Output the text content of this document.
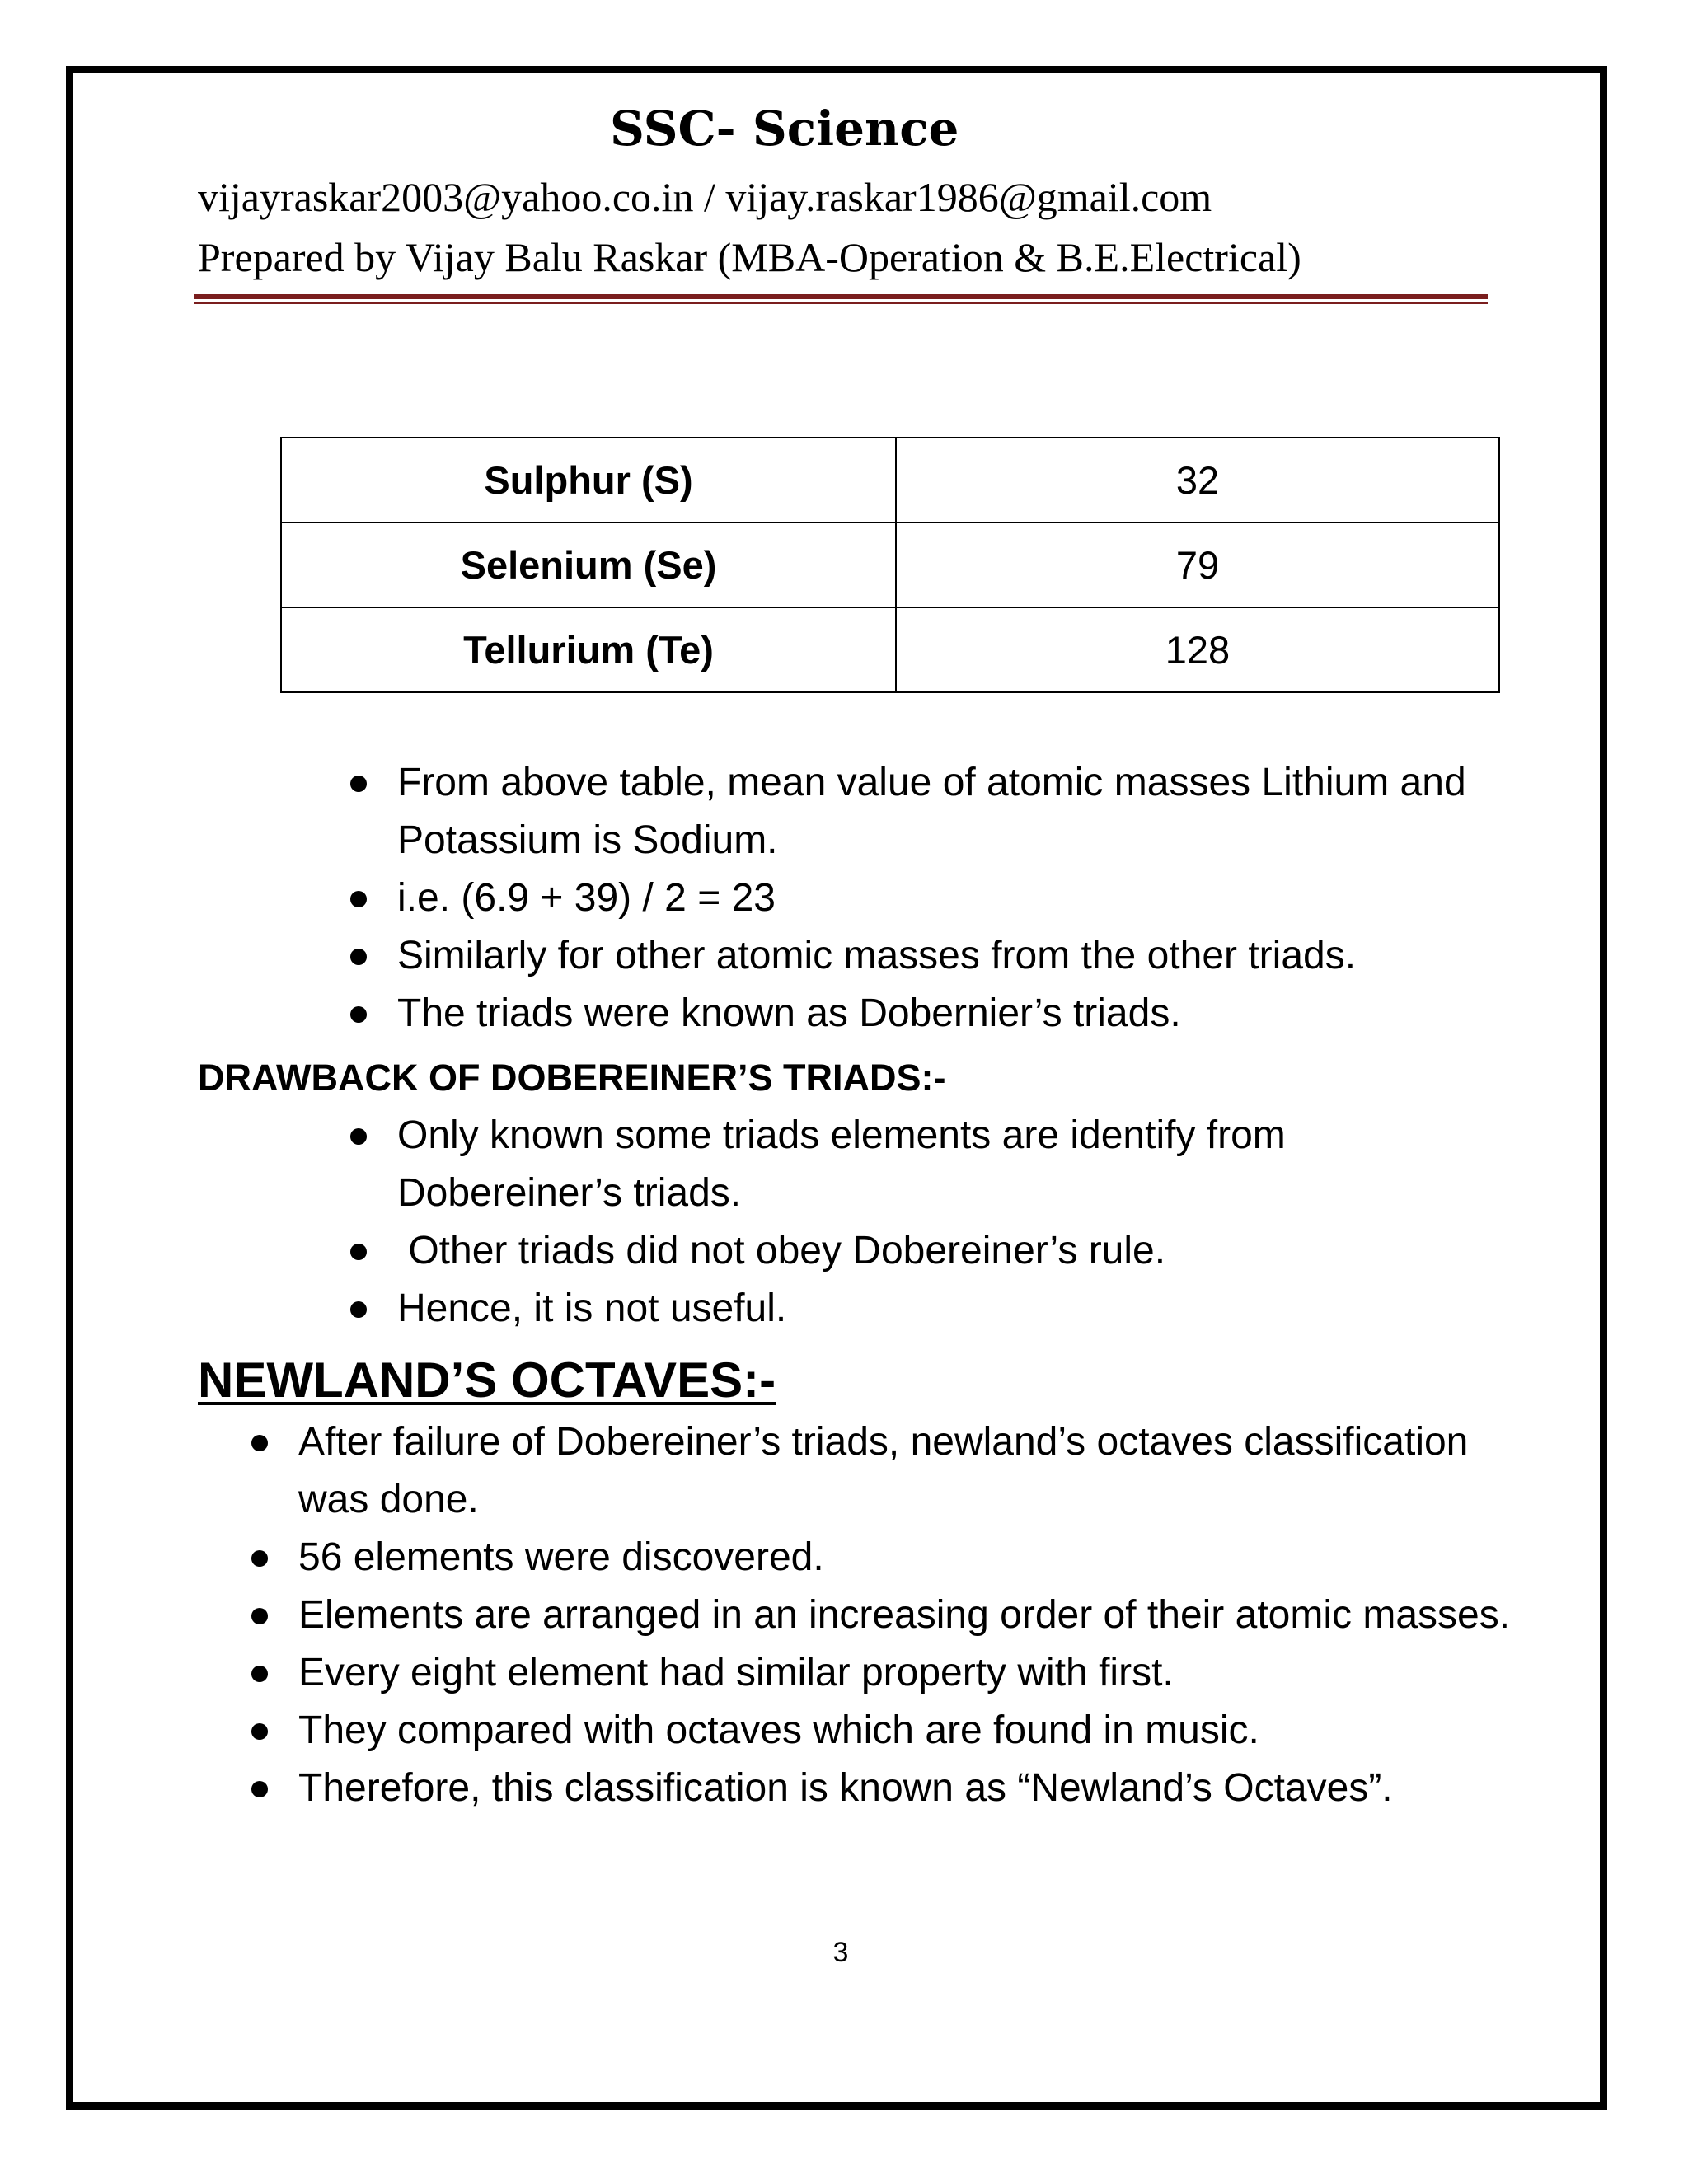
SSC- Science
vijayraskar2003@yahoo.co.in / vijay.raskar1986@gmail.com
Prepared by Vijay Balu Raskar (MBA-Operation & B.E.Electrical)
Sulphur (S)	32
Selenium (Se)	79
Tellurium (Te)	128
From above table, mean value of atomic masses Lithium and Potassium is Sodium.
i.e. (6.9 + 39) / 2 = 23
Similarly for other atomic masses from the other triads.
The triads were known as Dobernier’s triads.
DRAWBACK OF DOBEREINER’S TRIADS:-
Only known some triads elements are identify from Dobereiner’s triads.
Other triads did not obey Dobereiner’s rule.
Hence, it is not useful.
NEWLAND’S OCTAVES:-
After failure of Dobereiner’s triads, newland’s octaves classification was done.
56 elements were discovered.
Elements are arranged in an increasing order of their atomic masses.
Every eight element had similar property with first.
They compared with octaves which are found in music.
Therefore, this classification is known as “Newland’s Octaves”.
3
